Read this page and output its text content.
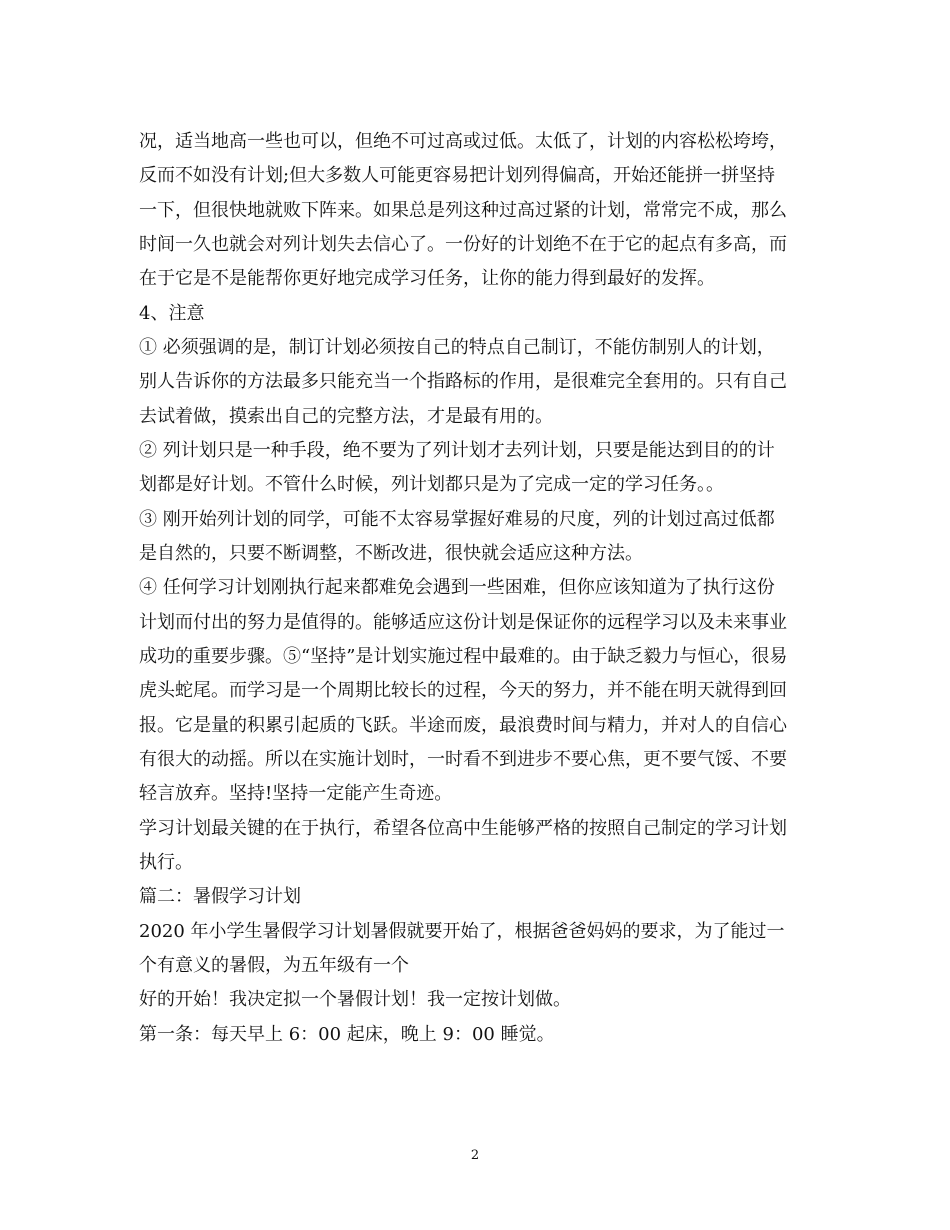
况，适当地高一些也可以，但绝不可过高或过低。太低了，计划的内容松松垮垮，
反而不如没有计划;但大多数人可能更容易把计划列得偏高，开始还能拼一拼坚持
一下，但很快地就败下阵来。如果总是列这种过高过紧的计划，常常完不成，那么
时间一久也就会对列计划失去信心了。一份好的计划绝不在于它的起点有多高，而
在于它是不是能帮你更好地完成学习任务，让你的能力得到最好的发挥。
4、注意
① 必须强调的是，制订计划必须按自己的特点自己制订，不能仿制别人的计划，
别人告诉你的方法最多只能充当一个指路标的作用，是很难完全套用的。只有自己
去试着做，摸索出自己的完整方法，才是最有用的。
② 列计划只是一种手段，绝不要为了列计划才去列计划，只要是能达到目的的计
划都是好计划。不管什么时候，列计划都只是为了完成一定的学习任务。。
③ 刚开始列计划的同学，可能不太容易掌握好难易的尺度，列的计划过高过低都
是自然的，只要不断调整，不断改进，很快就会适应这种方法。
④ 任何学习计划刚执行起来都难免会遇到一些困难，但你应该知道为了执行这份
计划而付出的努力是值得的。能够适应这份计划是保证你的远程学习以及未来事业
成功的重要步骤。⑤“坚持”是计划实施过程中最难的。由于缺乏毅力与恒心，很易
虎头蛇尾。而学习是一个周期比较长的过程，今天的努力，并不能在明天就得到回
报。它是量的积累引起质的飞跃。半途而废，最浪费时间与精力，并对人的自信心
有很大的动摇。所以在实施计划时，一时看不到进步不要心焦，更不要气馁、不要
轻言放弃。坚持!坚持一定能产生奇迹。
学习计划最关键的在于执行，希望各位高中生能够严格的按照自己制定的学习计划
执行。
篇二：暑假学习计划
2020 年小学生暑假学习计划暑假就要开始了，根据爸爸妈妈的要求，为了能过一
个有意义的暑假，为五年级有一个
好的开始！我决定拟一个暑假计划！我一定按计划做。
第一条：每天早上 6：00 起床，晚上 9：00 睡觉。
2
